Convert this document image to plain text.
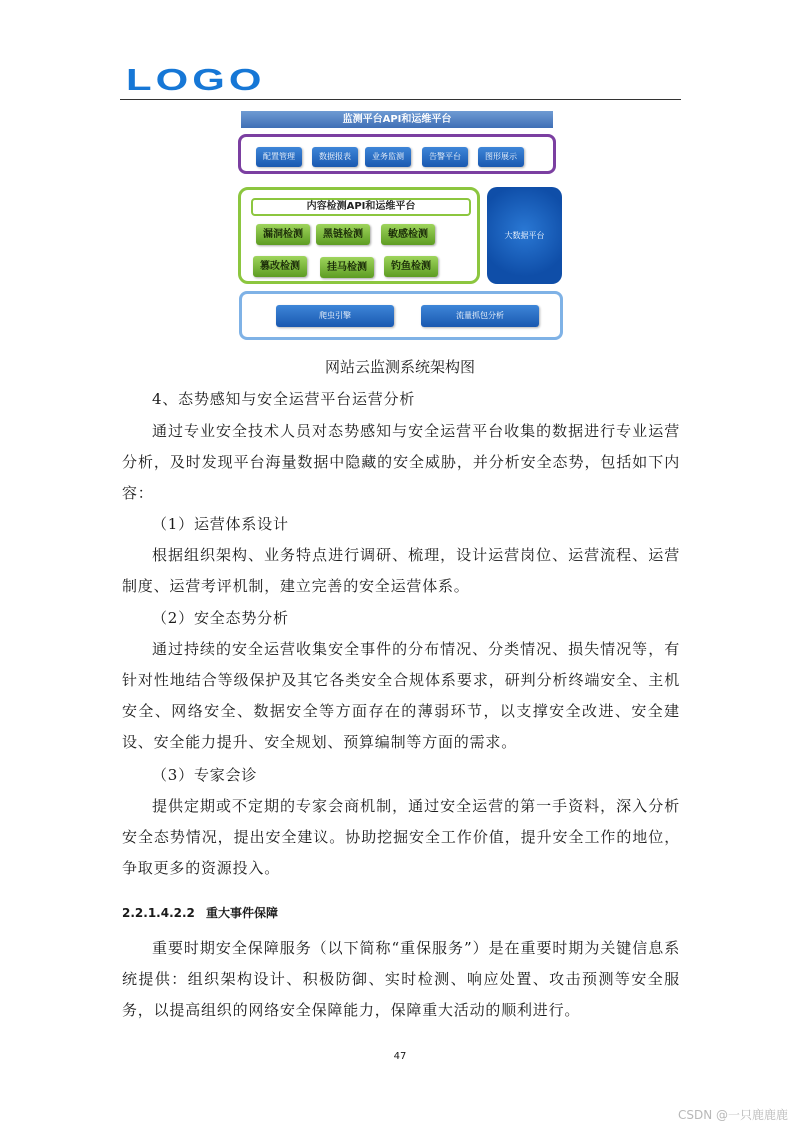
LOGO
监测平台API和运维平台
配置管理	数据报表	业务监测	告警平台	图形展示
内容检测API和运维平台
漏洞检测	黑链检测	敏感检测
篡改检测	挂马检测	钓鱼检测
大数据平台
爬虫引擎	流量抓包分析
网站云监测系统架构图

4、态势感知与安全运营平台运营分析

通过专业安全技术人员对态势感知与安全运营平台收集的数据进行专业运营分析，及时发现平台海量数据中隐藏的安全威胁，并分析安全态势，包括如下内容：

（1）运营体系设计

根据组织架构、业务特点进行调研、梳理，设计运营岗位、运营流程、运营制度、运营考评机制，建立完善的安全运营体系。

（2）安全态势分析

通过持续的安全运营收集安全事件的分布情况、分类情况、损失情况等，有针对性地结合等级保护及其它各类安全合规体系要求，研判分析终端安全、主机安全、网络安全、数据安全等方面存在的薄弱环节，以支撑安全改进、安全建设、安全能力提升、安全规划、预算编制等方面的需求。

（3）专家会诊

提供定期或不定期的专家会商机制，通过安全运营的第一手资料，深入分析安全态势情况，提出安全建议。协助挖掘安全工作价值，提升安全工作的地位，争取更多的资源投入。

2.2.1.4.2.2 重大事件保障

重要时期安全保障服务（以下简称“重保服务”）是在重要时期为关键信息系统提供：组织架构设计、积极防御、实时检测、响应处置、攻击预测等安全服务，以提高组织的网络安全保障能力，保障重大活动的顺利进行。

47
CSDN @一只鹿鹿鹿
